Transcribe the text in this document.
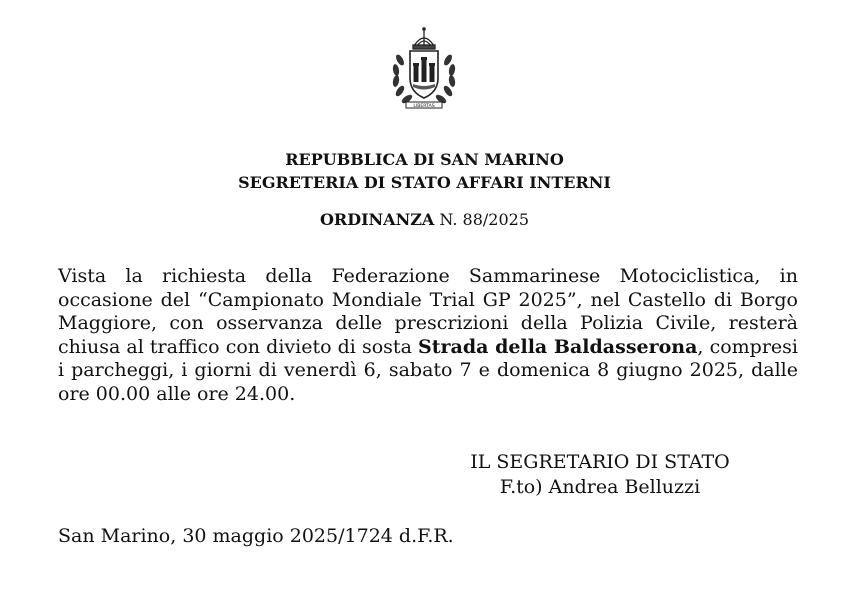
LIBERTAS
REPUBBLICA DI SAN MARINO
SEGRETERIA DI STATO AFFARI INTERNI
ORDINANZA N. 88/2025

Vista la richiesta della Federazione Sammarinese Motociclistica, in occasione del “Campionato Mondiale Trial GP 2025”, nel Castello di Borgo Maggiore, con osservanza delle prescrizioni della Polizia Civile, resterà chiusa al traffico con divieto di sosta Strada della Baldasserona, compresi i parcheggi, i giorni di venerdì 6, sabato 7 e domenica 8 giugno 2025, dalle ore 00.00 alle ore 24.00.

IL SEGRETARIO DI STATO
F.to) Andrea Belluzzi
San Marino, 30 maggio 2025/1724 d.F.R.
